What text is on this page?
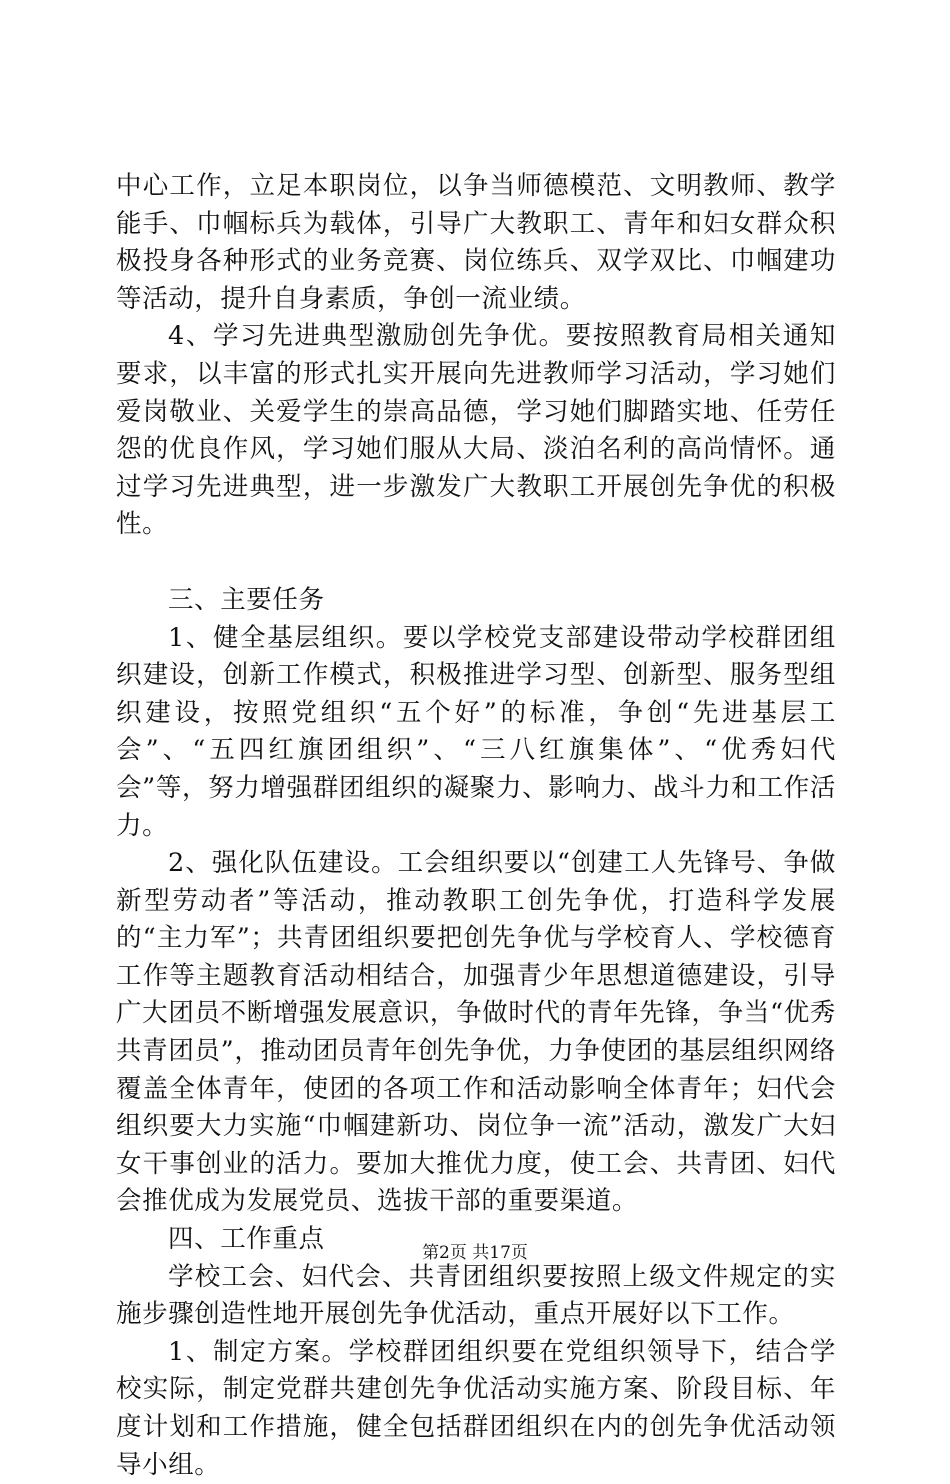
中心工作，立足本职岗位，以争当师德模范、文明教师、教学能手、巾帼标兵为载体，引导广大教职工、青年和妇女群众积极投身各种形式的业务竞赛、岗位练兵、双学双比、巾帼建功等活动，提升自身素质，争创一流业绩。

4、学习先进典型激励创先争优。要按照教育局相关通知要求，以丰富的形式扎实开展向先进教师学习活动，学习她们爱岗敬业、关爱学生的崇高品德，学习她们脚踏实地、任劳任怨的优良作风，学习她们服从大局、淡泊名利的高尚情怀。通过学习先进典型，进一步激发广大教职工开展创先争优的积极性。

三、主要任务

1、健全基层组织。要以学校党支部建设带动学校群团组织建设，创新工作模式，积极推进学习型、创新型、服务型组织建设，按照党组织“五个好”的标准，争创“先进基层工会”、“五四红旗团组织”、“三八红旗集体”、“优秀妇代会”等，努力增强群团组织的凝聚力、影响力、战斗力和工作活力。

2、强化队伍建设。工会组织要以“创建工人先锋号、争做新型劳动者”等活动，推动教职工创先争优，打造科学发展的“主力军”；共青团组织要把创先争优与学校育人、学校德育工作等主题教育活动相结合，加强青少年思想道德建设，引导广大团员不断增强发展意识，争做时代的青年先锋，争当“优秀共青团员”，推动团员青年创先争优，力争使团的基层组织网络覆盖全体青年，使团的各项工作和活动影响全体青年；妇代会组织要大力实施“巾帼建新功、岗位争一流”活动，激发广大妇女干事创业的活力。要加大推优力度，使工会、共青团、妇代会推优成为发展党员、选拔干部的重要渠道。

四、工作重点

学校工会、妇代会、共青团组织要按照上级文件规定的实施步骤创造性地开展创先争优活动，重点开展好以下工作。

1、制定方案。学校群团组织要在党组织领导下，结合学校实际，制定党群共建创先争优活动实施方案、阶段目标、年度计划和工作措施，健全包括群团组织在内的创先争优活动领导小组。

第2页 共17页
